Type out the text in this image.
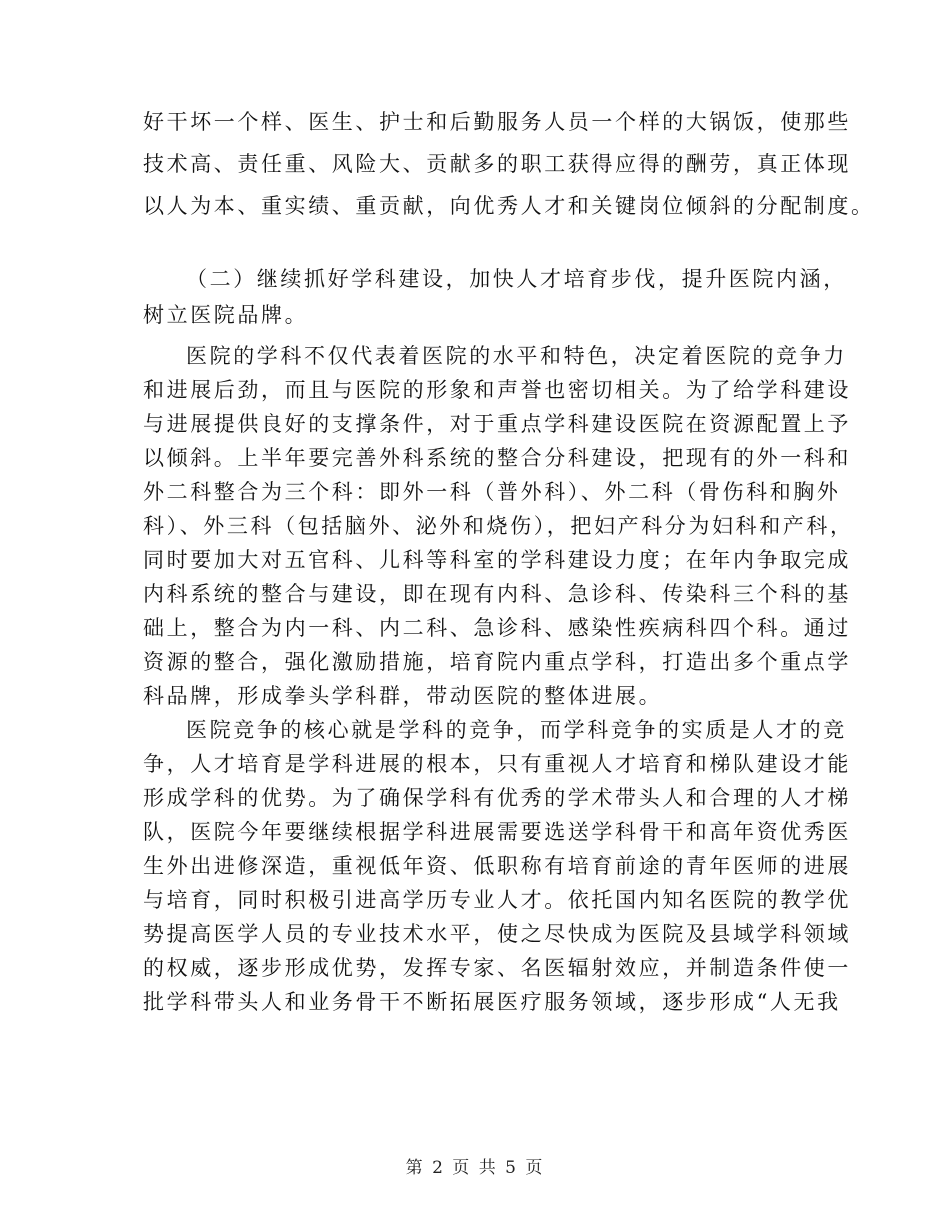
好干坏一个样、医生、护士和后勤服务人员一个样的大锅饭，使那些
技术高、责任重、风险大、贡献多的职工获得应得的酬劳，真正体现
以人为本、重实绩、重贡献，向优秀人才和关键岗位倾斜的分配制度。
（二）继续抓好学科建设，加快人才培育步伐，提升医院内涵，
树立医院品牌。
医院的学科不仅代表着医院的水平和特色，决定着医院的竞争力
和进展后劲，而且与医院的形象和声誉也密切相关。为了给学科建设
与进展提供良好的支撑条件，对于重点学科建设医院在资源配置上予
以倾斜。上半年要完善外科系统的整合分科建设，把现有的外一科和
外二科整合为三个科：即外一科（普外科）、外二科（骨伤科和胸外
科）、外三科（包括脑外、泌外和烧伤），把妇产科分为妇科和产科，
同时要加大对五官科、儿科等科室的学科建设力度；在年内争取完成
内科系统的整合与建设，即在现有内科、急诊科、传染科三个科的基
础上，整合为内一科、内二科、急诊科、感染性疾病科四个科。通过
资源的整合，强化激励措施，培育院内重点学科，打造出多个重点学
科品牌，形成拳头学科群，带动医院的整体进展。
医院竞争的核心就是学科的竞争，而学科竞争的实质是人才的竞
争，人才培育是学科进展的根本，只有重视人才培育和梯队建设才能
形成学科的优势。为了确保学科有优秀的学术带头人和合理的人才梯
队，医院今年要继续根据学科进展需要选送学科骨干和高年资优秀医
生外出进修深造，重视低年资、低职称有培育前途的青年医师的进展
与培育，同时积极引进高学历专业人才。依托国内知名医院的教学优
势提高医学人员的专业技术水平，使之尽快成为医院及县域学科领域
的权威，逐步形成优势，发挥专家、名医辐射效应，并制造条件使一
批学科带头人和业务骨干不断拓展医疗服务领域，逐步形成“人无我
第 2 页 共 5 页
